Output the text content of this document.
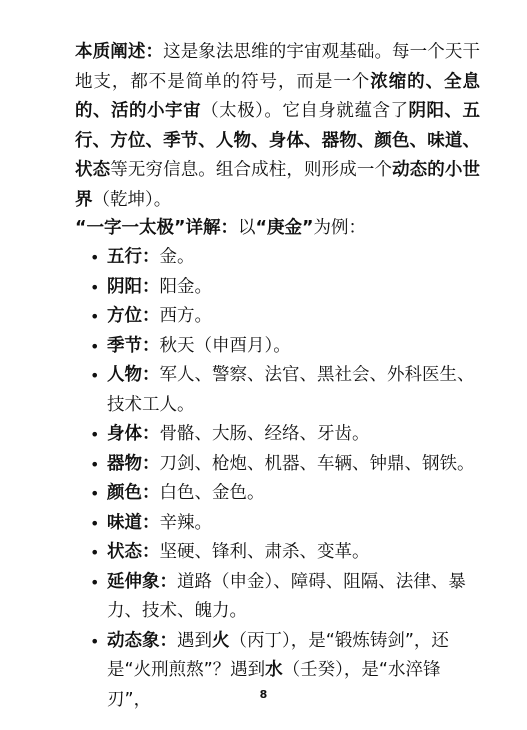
本质阐述：这是象法思维的宇宙观基础。每一个天干地支，都不是简单的符号，而是一个浓缩的、全息的、活的小宇宙（太极）。它自身就蕴含了阴阳、五行、方位、季节、人物、身体、器物、颜色、味道、状态等无穷信息。组合成柱，则形成一个动态的小世界（乾坤）。

“一字一太极”详解：以“庚金”为例：

• 五行：金。
• 阴阳：阳金。
• 方位：西方。
• 季节：秋天（申酉月）。
• 人物：军人、警察、法官、黑社会、外科医生、技术工人。
• 身体：骨骼、大肠、经络、牙齿。
• 器物：刀剑、枪炮、机器、车辆、钟鼎、钢铁。
• 颜色：白色、金色。
• 味道：辛辣。
• 状态：坚硬、锋利、肃杀、变革。
• 延伸象：道路（申金）、障碍、阻隔、法律、暴力、技术、魄力。
• 动态象：遇到火（丙丁），是“锻炼铸剑”，还是“火刑煎熬”？遇到水（壬癸），是“水淬锋刃”，	8
